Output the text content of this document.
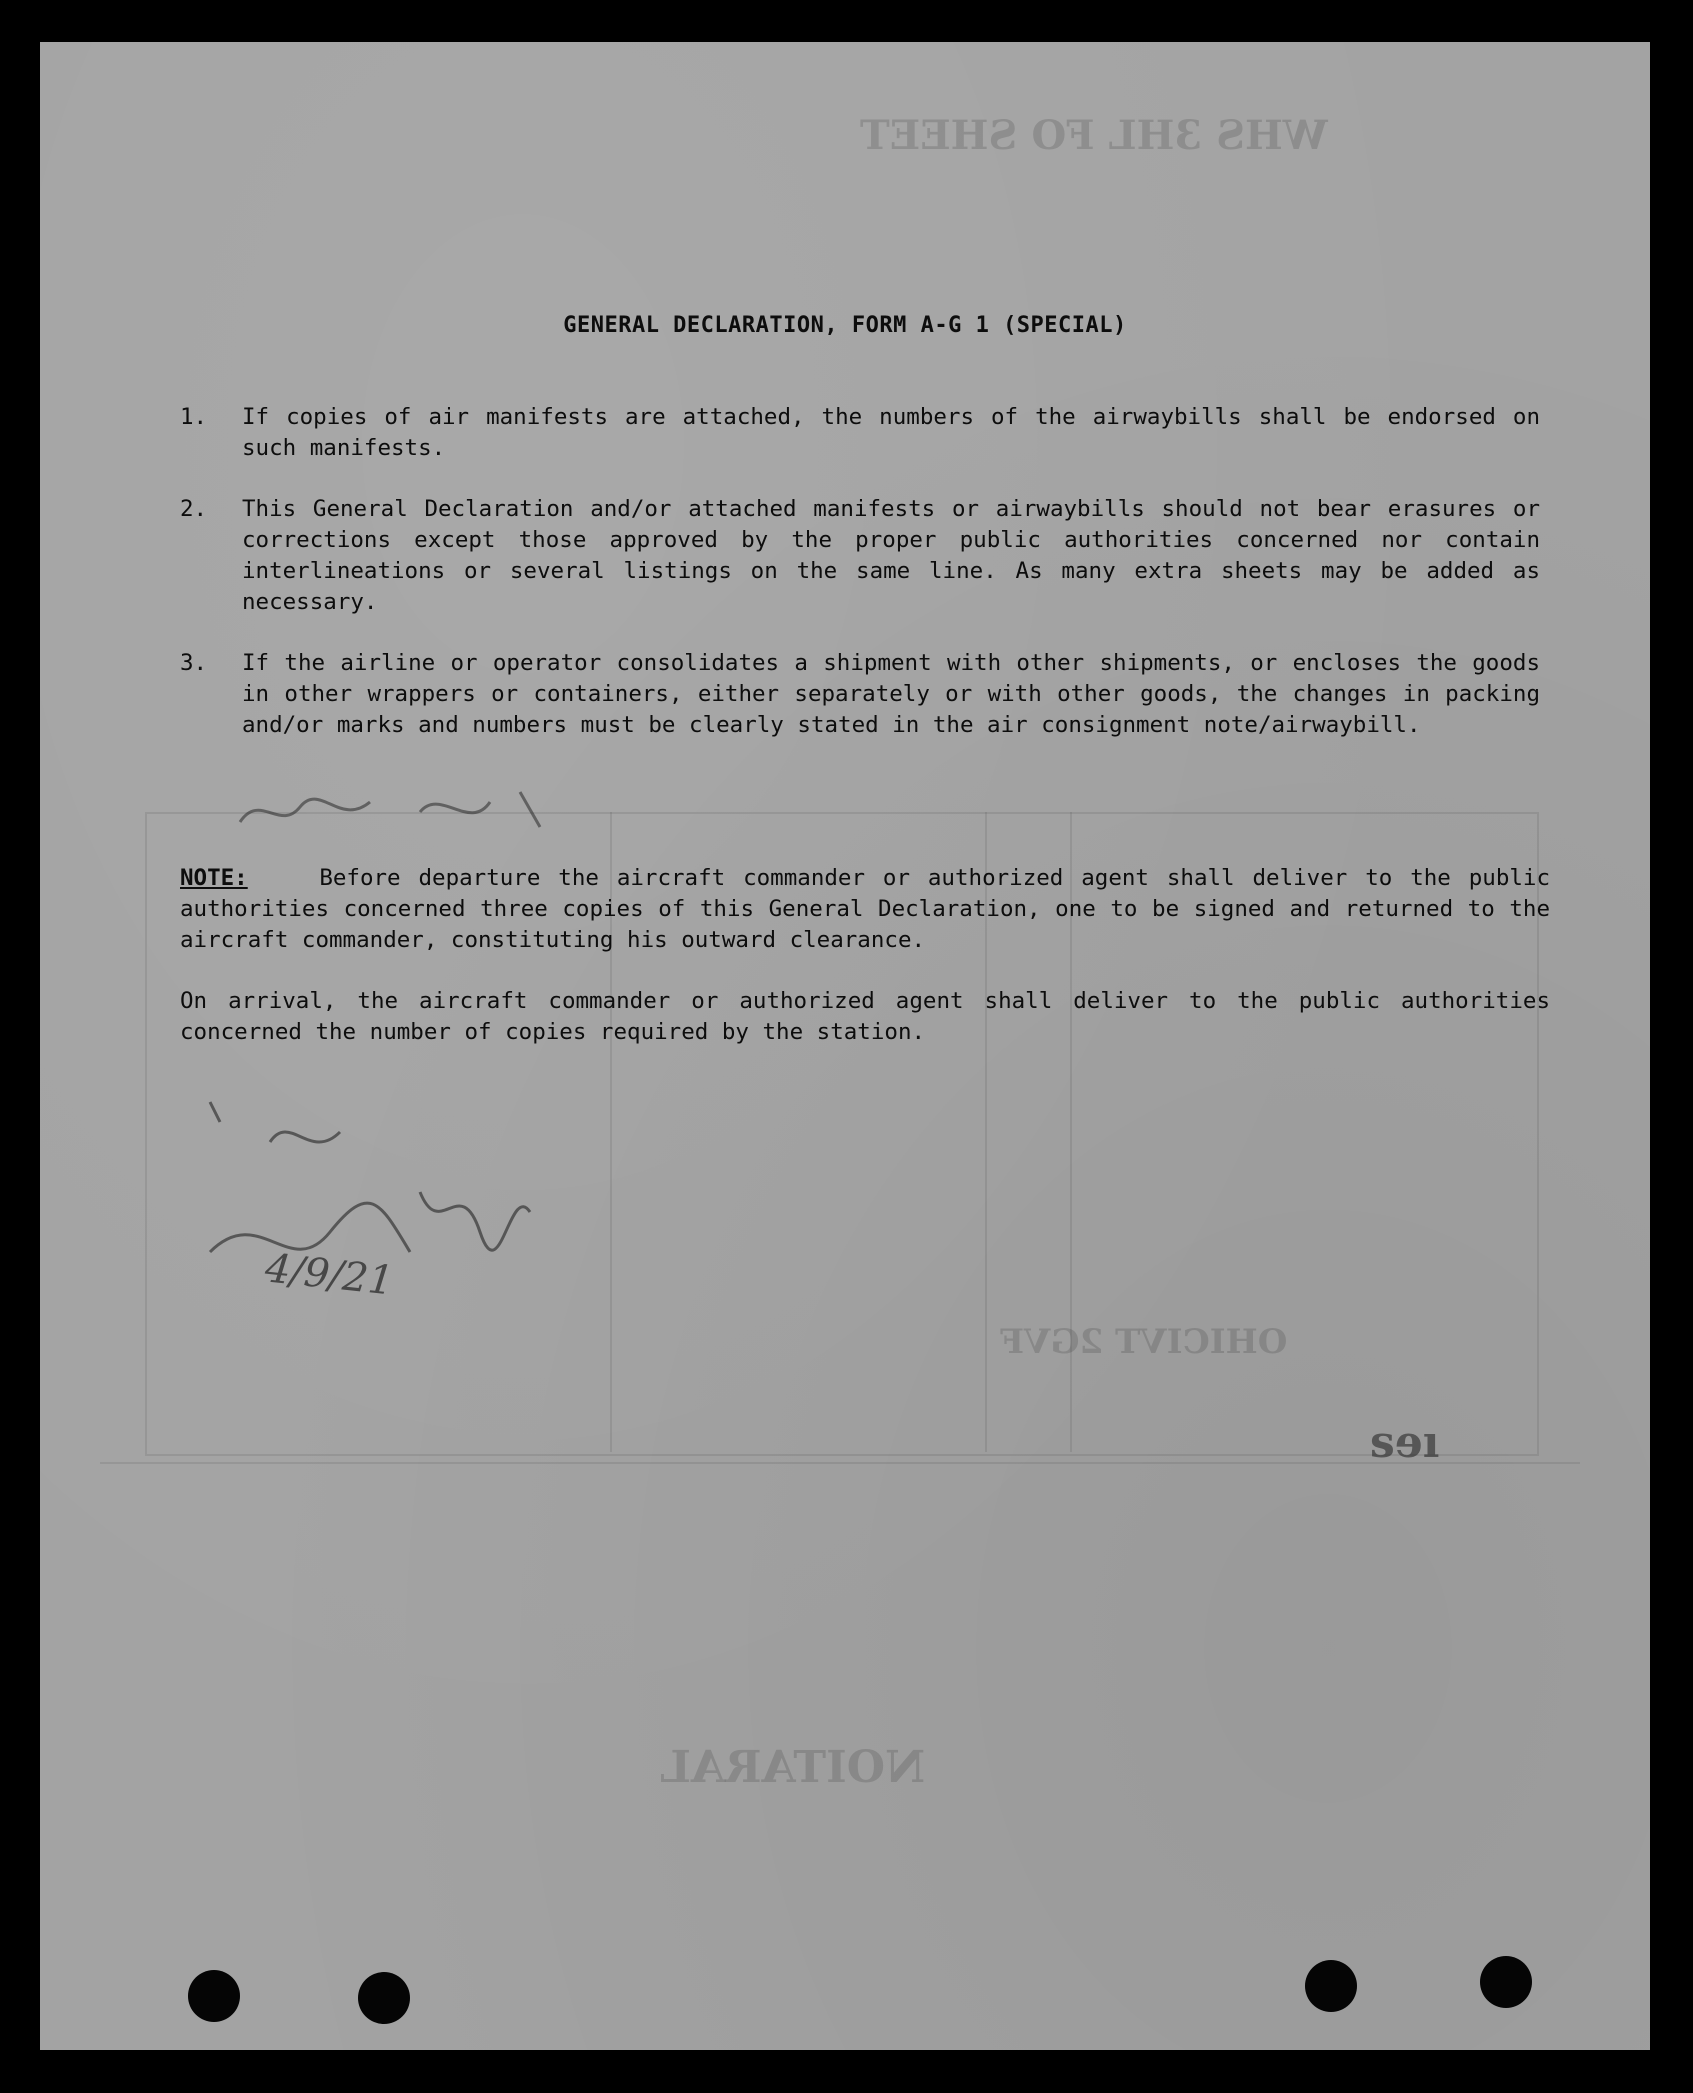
WHS 3HL FO SHEET
OHICIVT 2GVF
NOITARAL
GENERAL DECLARATION, FORM A-G 1 (SPECIAL)
1.	If copies of air manifests are attached, the numbers of the airwaybills shall be endorsed on such manifests.
2.	This General Declaration and/or attached manifests or airwaybills should not bear erasures or corrections except those approved by the proper public authorities concerned nor contain interlineations or several listings on the same line. As many extra sheets may be added as necessary.
3.	If the airline or operator consolidates a shipment with other shipments, or encloses the goods in other wrappers or containers, either separately or with other goods, the changes in packing and/or marks and numbers must be clearly stated in the air consignment note/airwaybill.

NOTE:	Before departure the aircraft commander or authorized agent shall deliver to the public authorities concerned three copies of this General Declaration, one to be signed and returned to the aircraft commander, constituting his outward clearance.

On arrival, the aircraft commander or authorized agent shall deliver to the public authorities concerned the number of copies required by the station.
4/9/21
sɘı
